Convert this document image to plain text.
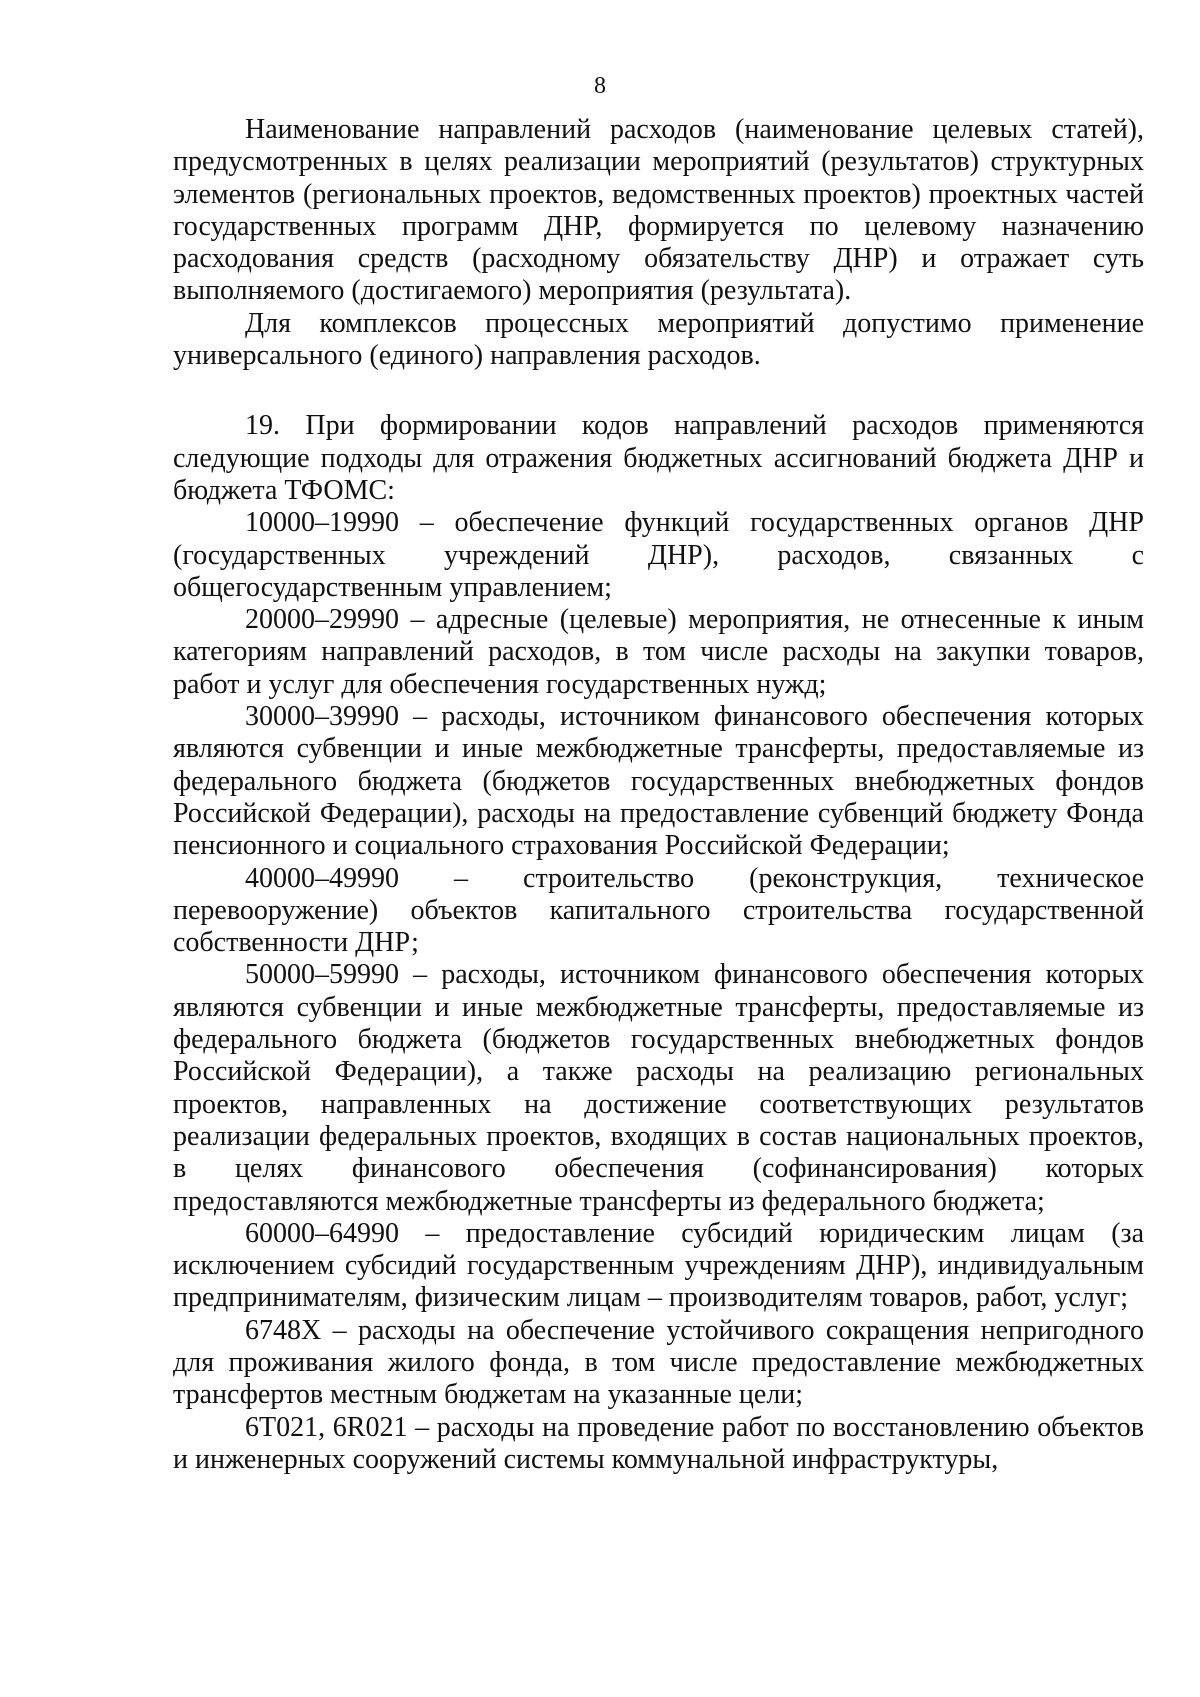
8

Наименование направлений расходов (наименование целевых статей), предусмотренных в целях реализации мероприятий (результатов) структурных элементов (региональных проектов, ведомственных проектов) проектных частей государственных программ ДНР, формируется по целевому назначению расходования средств (расходному обязательству ДНР) и отражает суть выполняемого (достигаемого) мероприятия (результата).

Для комплексов процессных мероприятий допустимо применение универсального (единого) направления расходов.

19. При формировании кодов направлений расходов применяются следующие подходы для отражения бюджетных ассигнований бюджета ДНР и бюджета ТФОМС:

10000–19990 – обеспечение функций государственных органов ДНР (государственных учреждений ДНР), расходов, связанных с общегосударственным управлением;

20000–29990 – адресные (целевые) мероприятия, не отнесенные к иным категориям направлений расходов, в том числе расходы на закупки товаров, работ и услуг для обеспечения государственных нужд;

30000–39990 – расходы, источником финансового обеспечения которых являются субвенции и иные межбюджетные трансферты, предоставляемые из федерального бюджета (бюджетов государственных внебюджетных фондов Российской Федерации), расходы на предоставление субвенций бюджету Фонда пенсионного и социального страхования Российской Федерации;

40000–49990 – строительство (реконструкция, техническое перевооружение) объектов капитального строительства государственной собственности ДНР;

50000–59990 – расходы, источником финансового обеспечения которых являются субвенции и иные межбюджетные трансферты, предоставляемые из федерального бюджета (бюджетов государственных внебюджетных фондов Российской Федерации), а также расходы на реализацию региональных проектов, направленных на достижение соответствующих результатов реализации федеральных проектов, входящих в состав национальных проектов, в целях финансового обеспечения (софинансирования) которых предоставляются межбюджетные трансферты из федерального бюджета;

60000–64990 – предоставление субсидий юридическим лицам (за исключением субсидий государственным учреждениям ДНР), индивидуальным предпринимателям, физическим лицам – производителям товаров, работ, услуг;

6748X – расходы на обеспечение устойчивого сокращения непригодного для проживания жилого фонда, в том числе предоставление межбюджетных трансфертов местным бюджетам на указанные цели;

6T021, 6R021 – расходы на проведение работ по восстановлению объектов и инженерных сооружений системы коммунальной инфраструктуры,
